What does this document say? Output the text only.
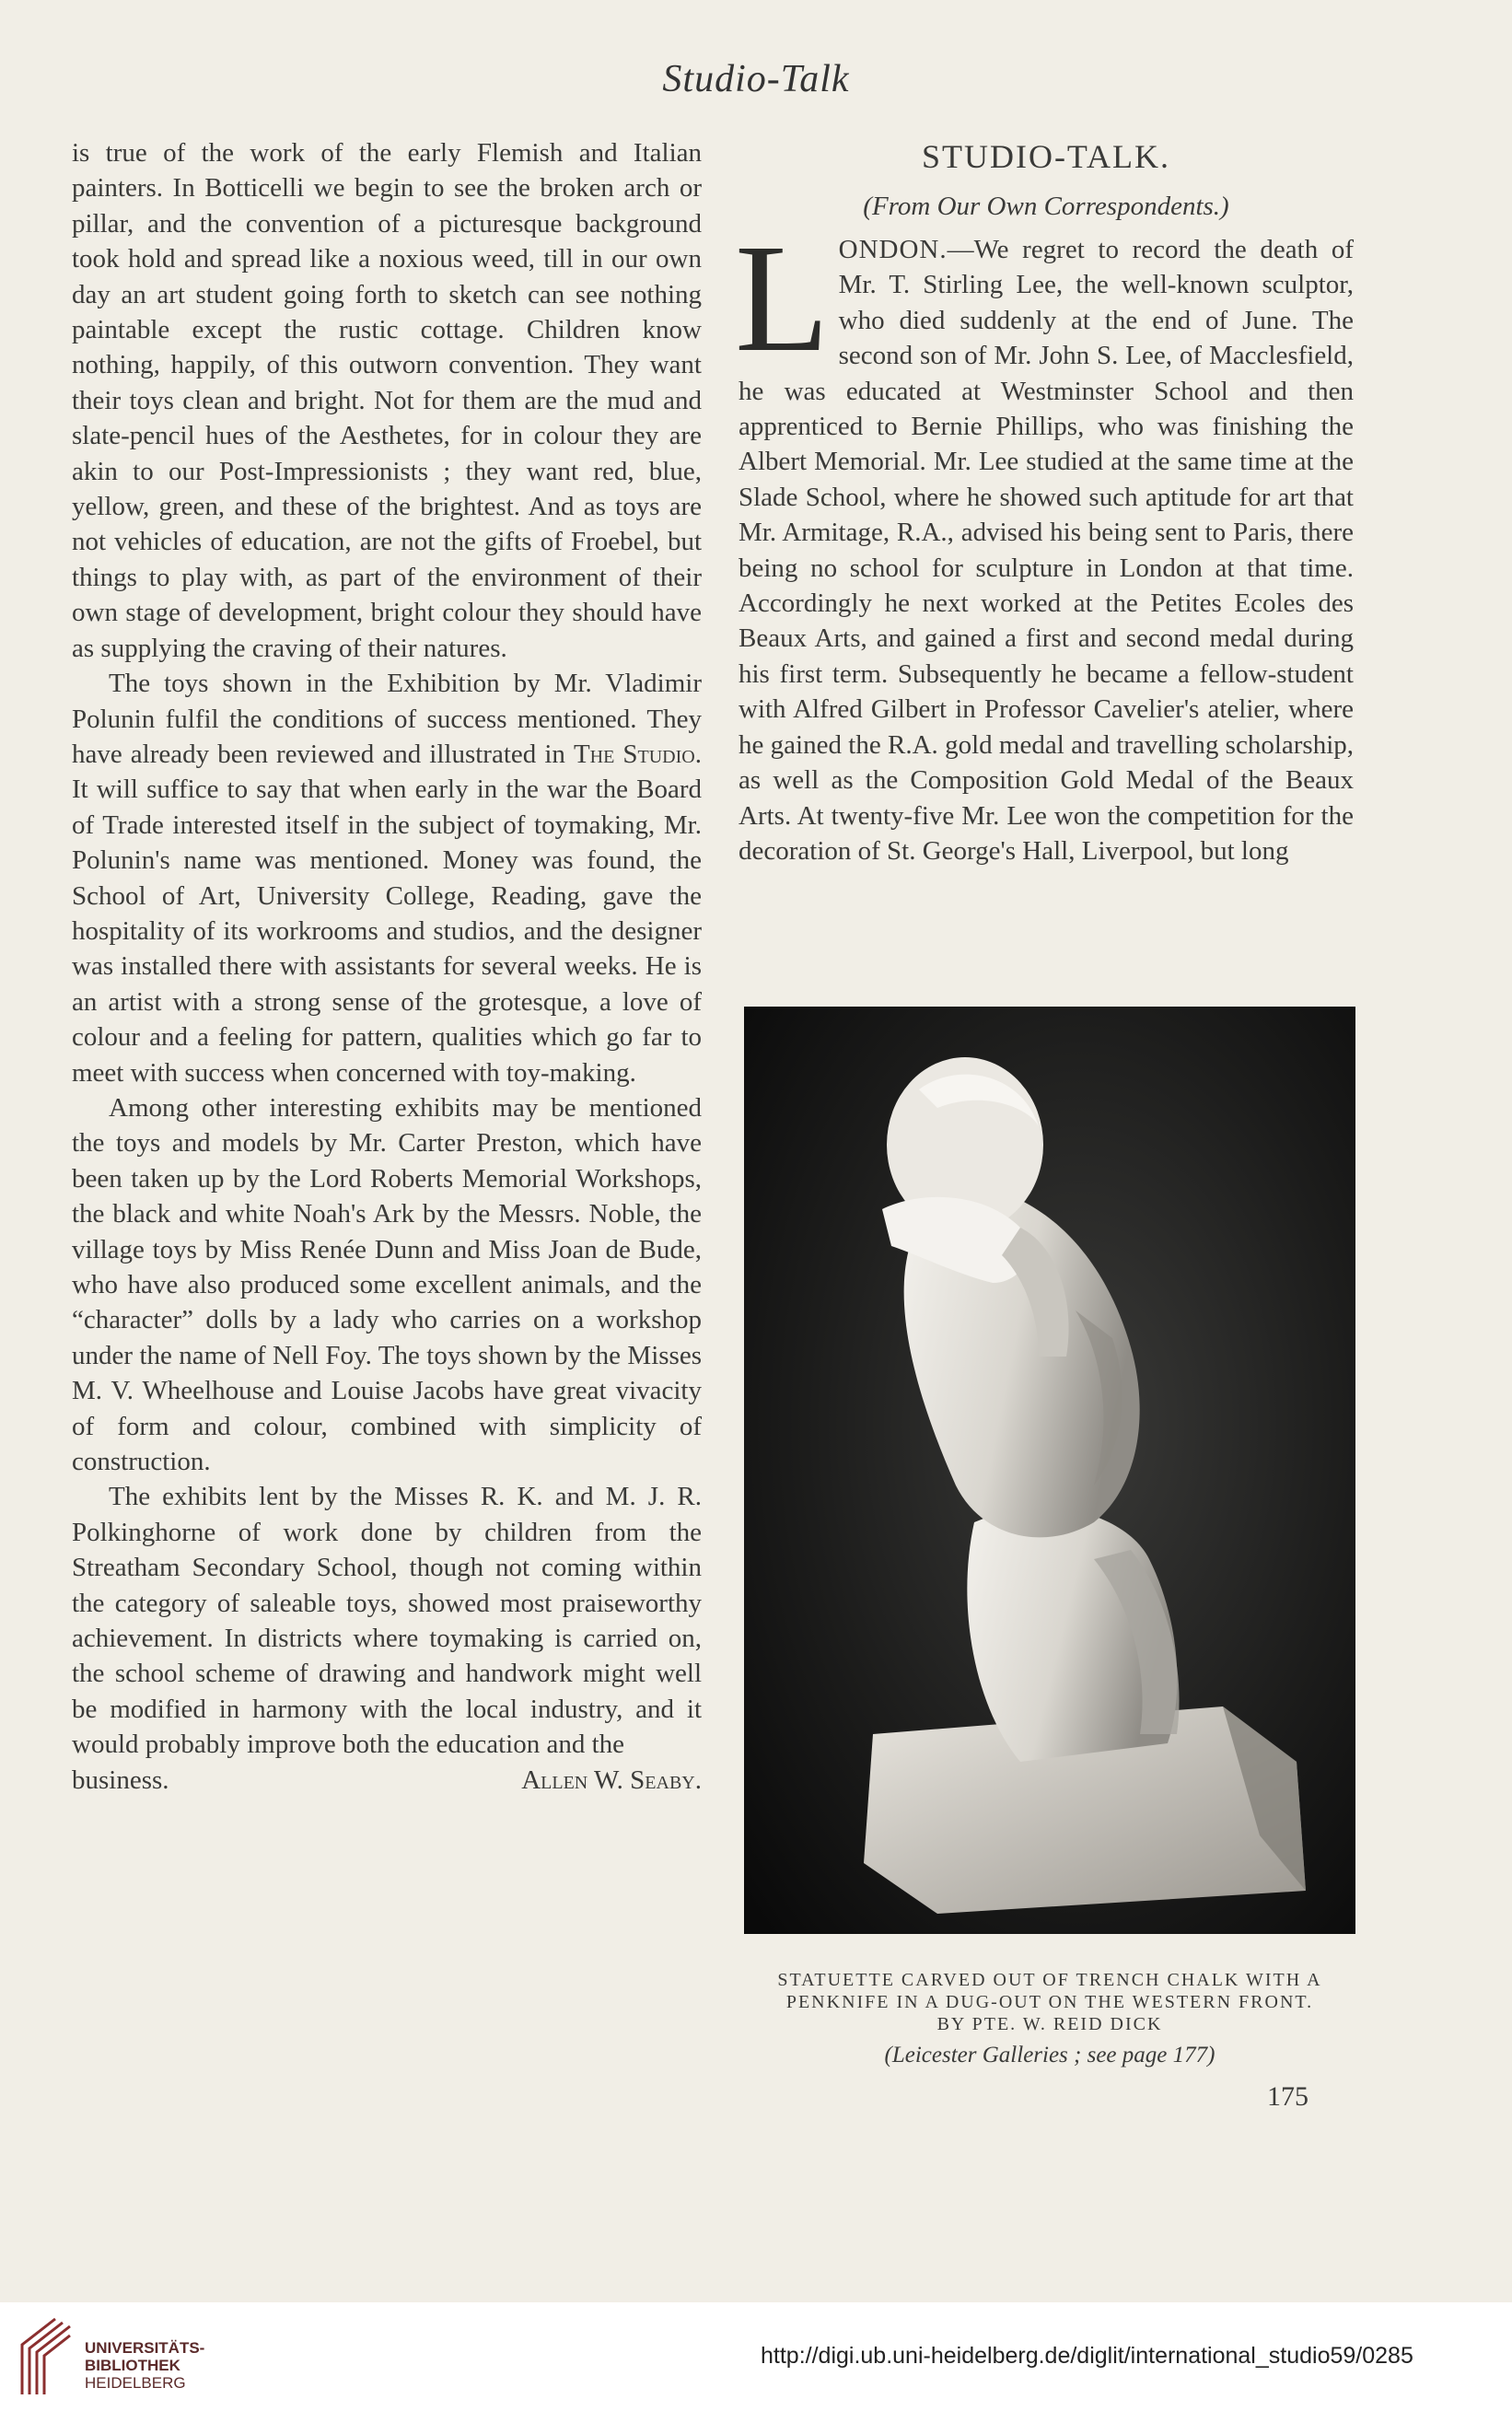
Studio-Talk

is true of the work of the early Flemish and Italian painters. In Botticelli we begin to see the broken arch or pillar, and the convention of a picturesque background took hold and spread like a noxious weed, till in our own day an art student going forth to sketch can see nothing paintable except the rustic cottage. Children know nothing, happily, of this outworn convention. They want their toys clean and bright. Not for them are the mud and slate-pencil hues of the Aesthetes, for in colour they are akin to our Post-Impressionists ; they want red, blue, yellow, green, and these of the brightest. And as toys are not vehicles of education, are not the gifts of Froebel, but things to play with, as part of the environment of their own stage of development, bright colour they should have as supplying the craving of their natures.

The toys shown in the Exhibition by Mr. Vladimir Polunin fulfil the conditions of success mentioned. They have already been reviewed and illustrated in The Studio. It will suffice to say that when early in the war the Board of Trade interested itself in the subject of toymaking, Mr. Polunin's name was mentioned. Money was found, the School of Art, University College, Reading, gave the hospitality of its workrooms and studios, and the designer was installed there with assistants for several weeks. He is an artist with a strong sense of the grotesque, a love of colour and a feeling for pattern, qualities which go far to meet with success when concerned with toy-making.

Among other interesting exhibits may be mentioned the toys and models by Mr. Carter Preston, which have been taken up by the Lord Roberts Memorial Workshops, the black and white Noah's Ark by the Messrs. Noble, the village toys by Miss Renée Dunn and Miss Joan de Bude, who have also produced some excellent animals, and the “character” dolls by a lady who carries on a workshop under the name of Nell Foy. The toys shown by the Misses M. V. Wheelhouse and Louise Jacobs have great vivacity of form and colour, combined with simplicity of construction.

The exhibits lent by the Misses R. K. and M. J. R. Polkinghorne of work done by children from the Streatham Secondary School, though not coming within the category of saleable toys, showed most praiseworthy achievement. In districts where toymaking is carried on, the school scheme of drawing and handwork might well be modified in harmony with the local industry, and it would probably improve both the education and the

business.	Allen W. Seaby.
STUDIO-TALK.
(From Our Own Correspondents.)

LONDON.—We regret to record the death of Mr. T. Stirling Lee, the well-known sculptor, who died suddenly at the end of June. The second son of Mr. John S. Lee, of Macclesfield, he was educated at Westminster School and then apprenticed to Bernie Phillips, who was finishing the Albert Memorial. Mr. Lee studied at the same time at the Slade School, where he showed such aptitude for art that Mr. Armitage, R.A., advised his being sent to Paris, there being no school for sculpture in London at that time. Accordingly he next worked at the Petites Ecoles des Beaux Arts, and gained a first and second medal during his first term. Subsequently he became a fellow-student with Alfred Gilbert in Professor Cavelier's atelier, where he gained the R.A. gold medal and travelling scholarship, as well as the Composition Gold Medal of the Beaux Arts. At twenty-five Mr. Lee won the competition for the decoration of St. George's Hall, Liverpool, but long

STATUETTE CARVED OUT OF TRENCH CHALK WITH A
PENKNIFE IN A DUG-OUT ON THE WESTERN FRONT.
BY PTE. W. REID DICK
(Leicester Galleries ; see page 177)
175
UNIVERSITÄTS-
BIBLIOTHEK
HEIDELBERG
http://digi.ub.uni-heidelberg.de/diglit/international_studio59/0285
